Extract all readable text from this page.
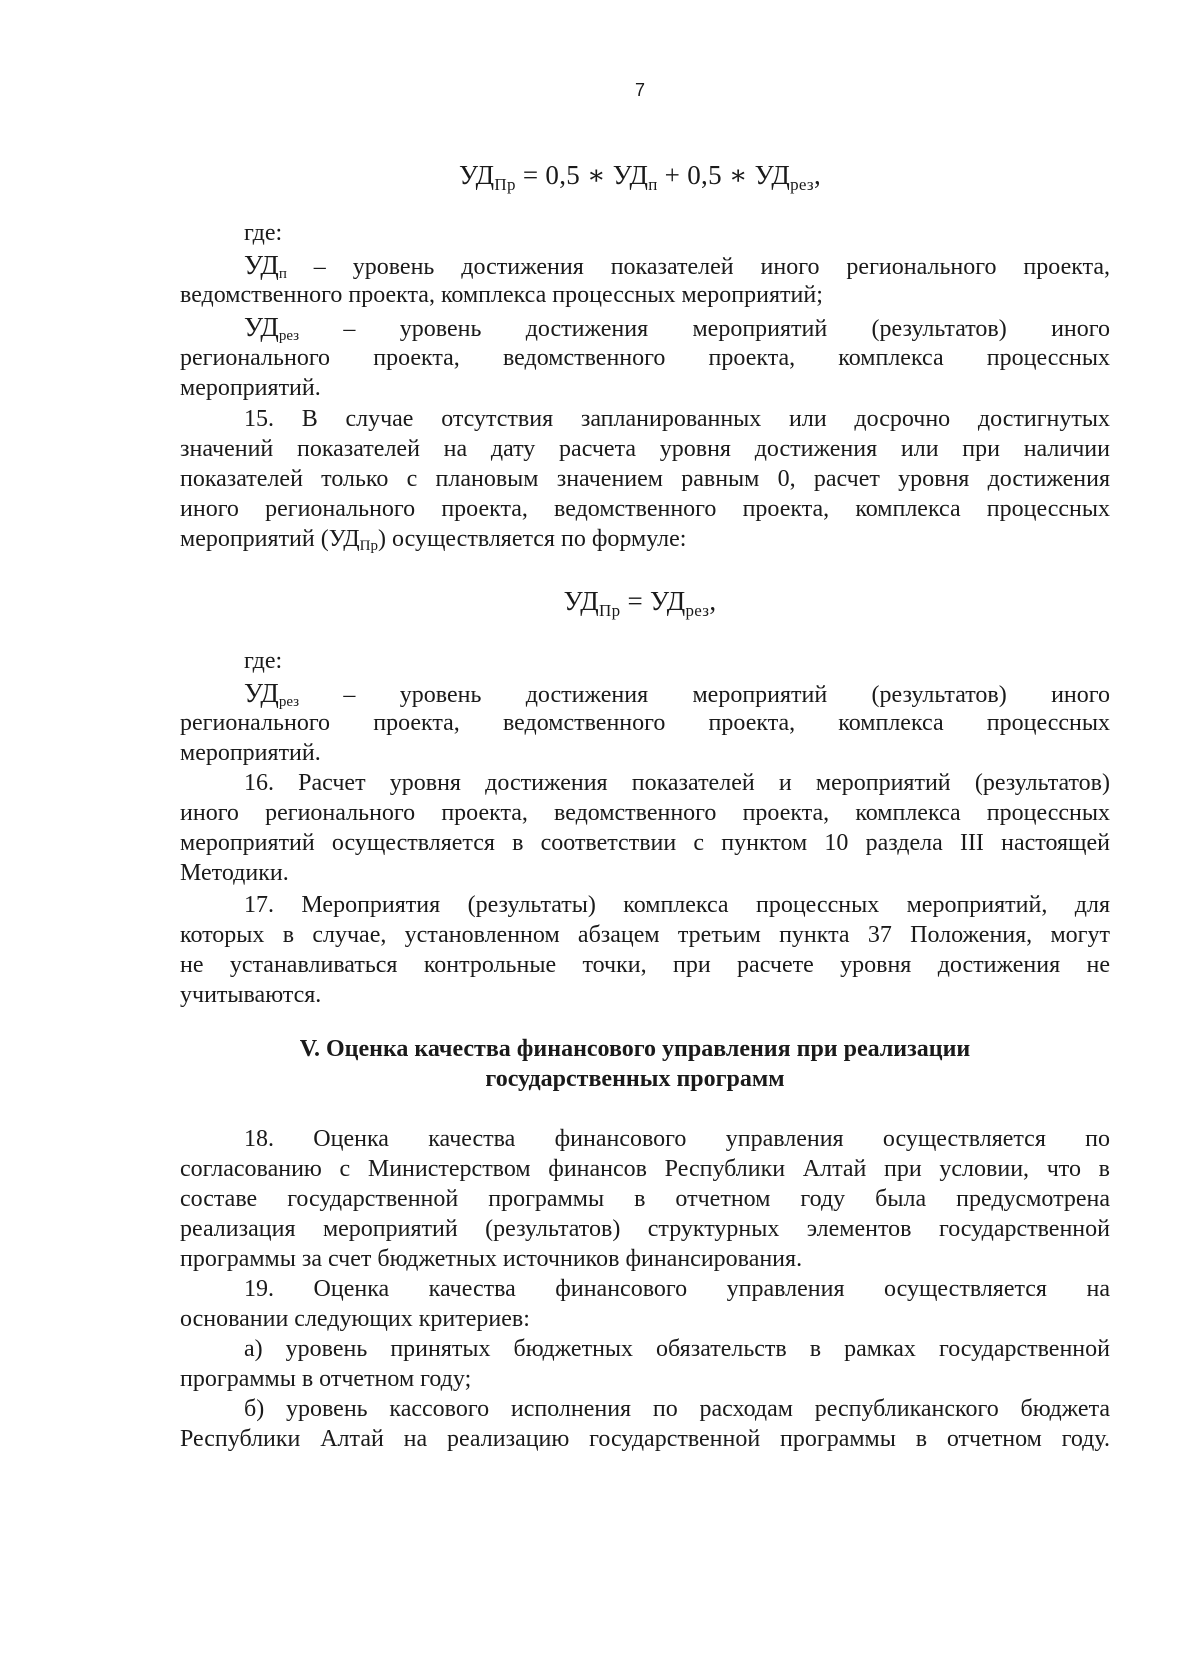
7
$УД_{Пр} = 0,5$ ∗ $УД_п + 0,5$ ∗ $УД_{рез}$,
где:
$УД_п$ – уровень достижения показателей иного регионального проекта,
ведомственного проекта, комплекса процессных мероприятий;
$УД_{рез}$ – уровень достижения мероприятий (результатов) иного
регионального проекта, ведомственного проекта, комплекса процессных
мероприятий.
15. В случае отсутствия запланированных или досрочно достигнутых
значений показателей на дату расчета уровня достижения или при наличии
показателей только с плановым значением равным 0, расчет уровня достижения
иного регионального проекта, ведомственного проекта, комплекса процессных
мероприятий $(УД_{Пр})$ осуществляется по формуле:
$УД_{Пр} = УД_{рез}$,
где:
$УД_{рез}$ – уровень достижения мероприятий (результатов) иного
регионального проекта, ведомственного проекта, комплекса процессных
мероприятий.
16. Расчет уровня достижения показателей и мероприятий (результатов)
иного регионального проекта, ведомственного проекта, комплекса процессных
мероприятий осуществляется в соответствии с пунктом 10 раздела III настоящей
Методики.
17. Мероприятия (результаты) комплекса процессных мероприятий, для
которых в случае, установленном абзацем третьим пункта 37 Положения, могут
не устанавливаться контрольные точки, при расчете уровня достижения не
учитываются.
V. Оценка качества финансового управления при реализации
государственных программ
18. Оценка качества финансового управления осуществляется по
согласованию с Министерством финансов Республики Алтай при условии, что в
составе государственной программы в отчетном году была предусмотрена
реализация мероприятий (результатов) структурных элементов государственной
программы за счет бюджетных источников финансирования.
19. Оценка качества финансового управления осуществляется на
основании следующих критериев:
а) уровень принятых бюджетных обязательств в рамках государственной
программы в отчетном году;
б) уровень кассового исполнения по расходам республиканского бюджета
Республики Алтай на реализацию государственной программы в отчетном году.
